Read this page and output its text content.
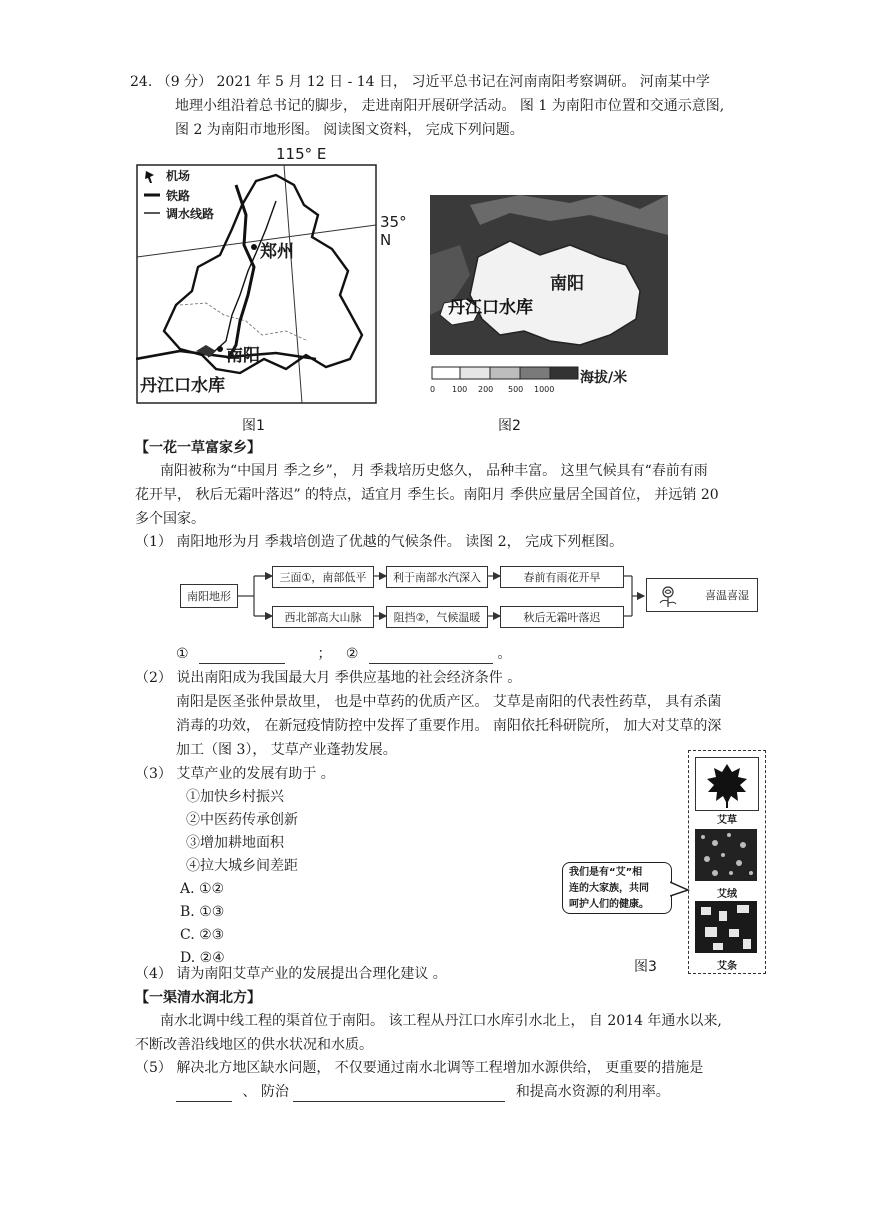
24. （9 分） 2021 年 5 月 12 日 - 14 日， 习近平总书记在河南南阳考察调研。 河南某中学
地理小组沿着总书记的脚步， 走进南阳开展研学活动。 图 1 为南阳市位置和交通示意图,
图 2 为南阳市地形图。 阅读图文资料， 完成下列问题。
115° E
35° N
机场
铁路
调水线路
郑州
南阳
丹江口水库
图1
南阳
丹江口水库
0 100 200 500 1000
海拔/米
图2
【一花一草富家乡】
南阳被称为“中国月 季之乡”， 月 季栽培历史悠久， 品种丰富。 这里气候具有“春前有雨
花开早， 秋后无霜叶落迟” 的特点，适宜月 季生长。南阳月 季供应量居全国首位， 并远销 20
多个国家。
（1） 南阳地形为月 季栽培创造了优越的气候条件。 读图 2， 完成下列框图。
南阳地形
三面①，南部低平	利于南部水汽深入	春前有雨花开早
西北部高大山脉	阻挡②，气候温暖	秋后无霜叶落迟
喜温喜湿
①	； ②	。
（2） 说出南阳成为我国最大月 季供应基地的社会经济条件 。
南阳是医圣张仲景故里， 也是中草药的优质产区。 艾草是南阳的代表性药草， 具有杀菌
消毒的功效， 在新冠疫情防控中发挥了重要作用。 南阳依托科研院所， 加大对艾草的深
加工（图 3）， 艾草产业蓬勃发展。
（3） 艾草产业的发展有助于 。
①加快乡村振兴
②中医药传承创新
③增加耕地面积
④拉大城乡间差距
A. ①②
B. ①③
C. ②③
D. ②④
艾草
艾绒
艾条
我们是有“艾”相
连的大家族，共同
呵护人们的健康。
图3
（4） 请为南阳艾草产业的发展提出合理化建议 。
【一渠清水润北方】
南水北调中线工程的渠首位于南阳。 该工程从丹江口水库引水北上， 自 2014 年通水以来,
不断改善沿线地区的供水状况和水质。
（5） 解决北方地区缺水问题， 不仅要通过南水北调等工程增加水源供给， 更重要的措施是
、 防治	和提高水资源的利用率。
